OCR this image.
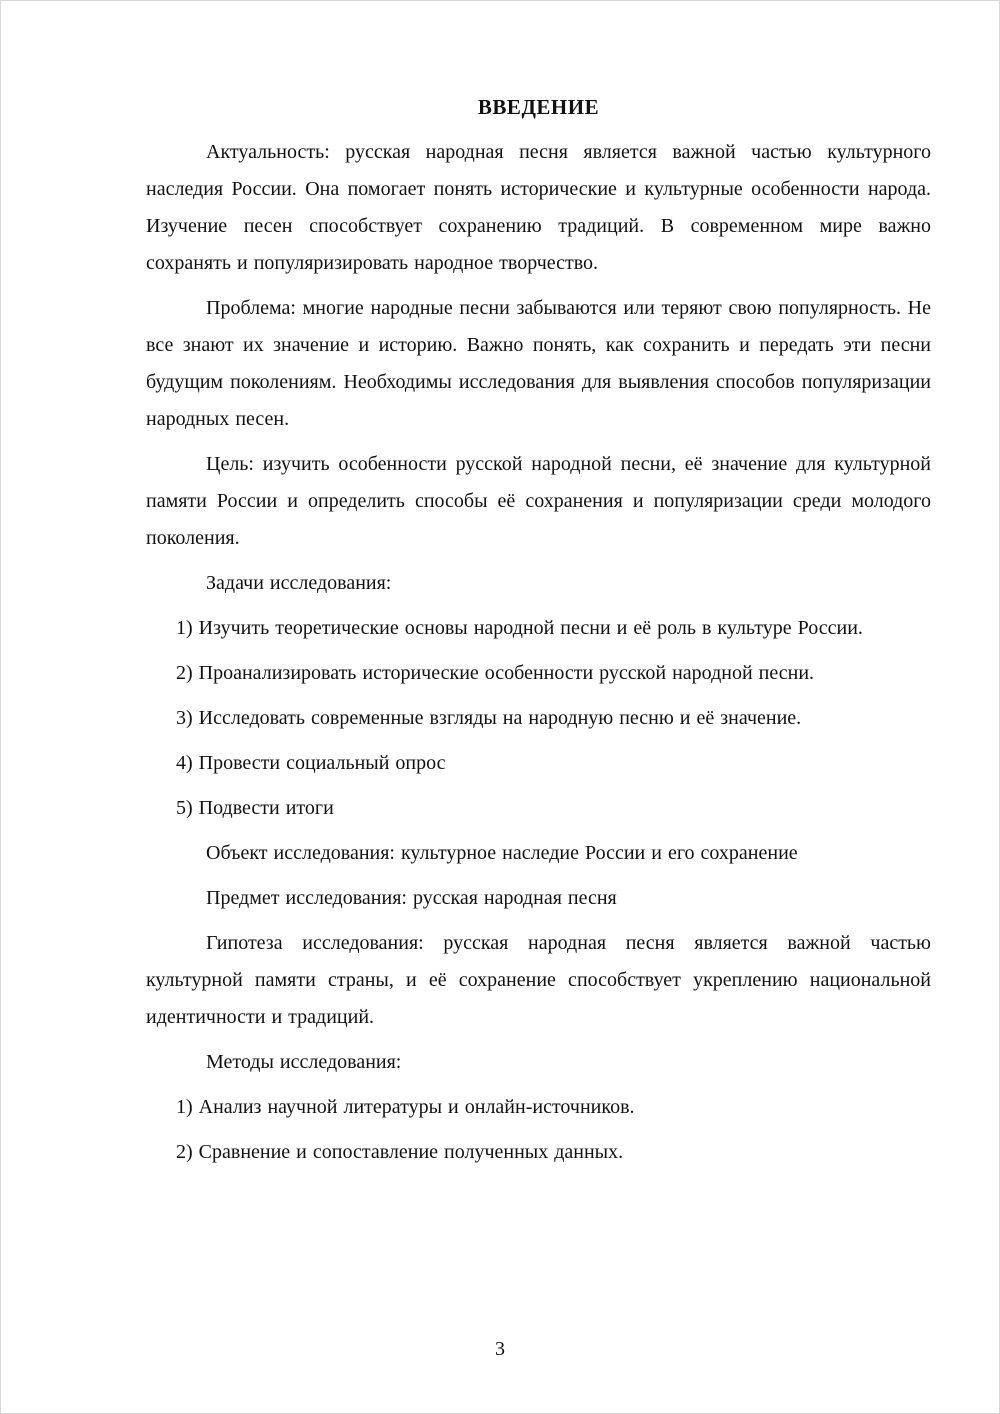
ВВЕДЕНИЕ

Актуальность: русская народная песня является важной частью культурного наследия России. Она помогает понять исторические и культурные особенности народа. Изучение песен способствует сохранению традиций. В современном мире важно сохранять и популяризировать народное творчество.

Проблема: многие народные песни забываются или теряют свою популярность. Не все знают их значение и историю. Важно понять, как сохранить и передать эти песни будущим поколениям. Необходимы исследования для выявления способов популяризации народных песен.

Цель: изучить особенности русской народной песни, её значение для культурной памяти России и определить способы её сохранения и популяризации среди молодого поколения.

Задачи исследования:

1) Изучить теоретические основы народной песни и её роль в культуре России.

2) Проанализировать исторические особенности русской народной песни.

3) Исследовать современные взгляды на народную песню и её значение.

4) Провести социальный опрос

5) Подвести итоги

Объект исследования: культурное наследие России и его сохранение

Предмет исследования: русская народная песня

Гипотеза исследования: русская народная песня является важной частью культурной памяти страны, и её сохранение способствует укреплению национальной идентичности и традиций.

Методы исследования:

1) Анализ научной литературы и онлайн-источников.

2) Сравнение и сопоставление полученных данных.

3
